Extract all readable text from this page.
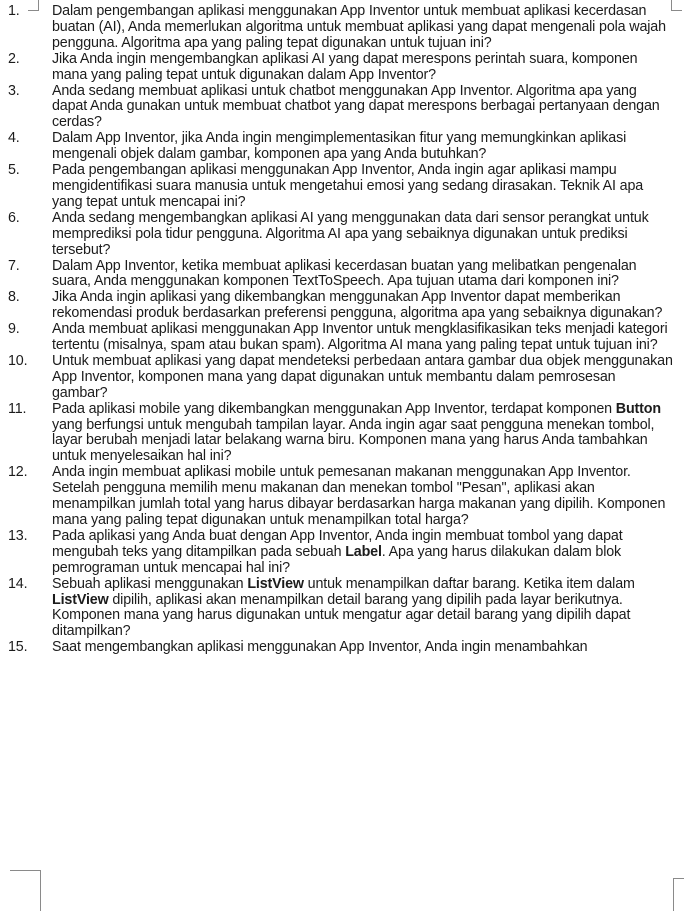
1.	Dalam pengembangan aplikasi menggunakan App Inventor untuk membuat aplikasi kecerdasan buatan (AI), Anda memerlukan algoritma untuk membuat aplikasi yang dapat mengenali pola wajah pengguna. Algoritma apa yang paling tepat digunakan untuk tujuan ini?
2.	Jika Anda ingin mengembangkan aplikasi AI yang dapat merespons perintah suara, komponen mana yang paling tepat untuk digunakan dalam App Inventor?
3.	Anda sedang membuat aplikasi untuk chatbot menggunakan App Inventor. Algoritma apa yang dapat Anda gunakan untuk membuat chatbot yang dapat merespons berbagai pertanyaan dengan cerdas?
4.	Dalam App Inventor, jika Anda ingin mengimplementasikan fitur yang memungkinkan aplikasi mengenali objek dalam gambar, komponen apa yang Anda butuhkan?
5.	Pada pengembangan aplikasi menggunakan App Inventor, Anda ingin agar aplikasi mampu mengidentifikasi suara manusia untuk mengetahui emosi yang sedang dirasakan. Teknik AI apa yang tepat untuk mencapai ini?
6.	Anda sedang mengembangkan aplikasi AI yang menggunakan data dari sensor perangkat untuk memprediksi pola tidur pengguna. Algoritma AI apa yang sebaiknya digunakan untuk prediksi tersebut?
7.	Dalam App Inventor, ketika membuat aplikasi kecerdasan buatan yang melibatkan pengenalan suara, Anda menggunakan komponen TextToSpeech. Apa tujuan utama dari komponen ini?
8.	Jika Anda ingin aplikasi yang dikembangkan menggunakan App Inventor dapat memberikan rekomendasi produk berdasarkan preferensi pengguna, algoritma apa yang sebaiknya digunakan?
9.	Anda membuat aplikasi menggunakan App Inventor untuk mengklasifikasikan teks menjadi kategori tertentu (misalnya, spam atau bukan spam). Algoritma AI mana yang paling tepat untuk tujuan ini?
10.	Untuk membuat aplikasi yang dapat mendeteksi perbedaan antara gambar dua objek menggunakan App Inventor, komponen mana yang dapat digunakan untuk membantu dalam pemrosesan gambar?
11.	Pada aplikasi mobile yang dikembangkan menggunakan App Inventor, terdapat komponen Button yang berfungsi untuk mengubah tampilan layar. Anda ingin agar saat pengguna menekan tombol, layar berubah menjadi latar belakang warna biru. Komponen mana yang harus Anda tambahkan untuk menyelesaikan hal ini?
12.	Anda ingin membuat aplikasi mobile untuk pemesanan makanan menggunakan App Inventor. Setelah pengguna memilih menu makanan dan menekan tombol "Pesan", aplikasi akan menampilkan jumlah total yang harus dibayar berdasarkan harga makanan yang dipilih. Komponen mana yang paling tepat digunakan untuk menampilkan total harga?
13.	Pada aplikasi yang Anda buat dengan App Inventor, Anda ingin membuat tombol yang dapat mengubah teks yang ditampilkan pada sebuah Label. Apa yang harus dilakukan dalam blok pemrograman untuk mencapai hal ini?
14.	Sebuah aplikasi menggunakan ListView untuk menampilkan daftar barang. Ketika item dalam ListView dipilih, aplikasi akan menampilkan detail barang yang dipilih pada layar berikutnya. Komponen mana yang harus digunakan untuk mengatur agar detail barang yang dipilih dapat ditampilkan?
15.	Saat mengembangkan aplikasi menggunakan App Inventor, Anda ingin menambahkan
